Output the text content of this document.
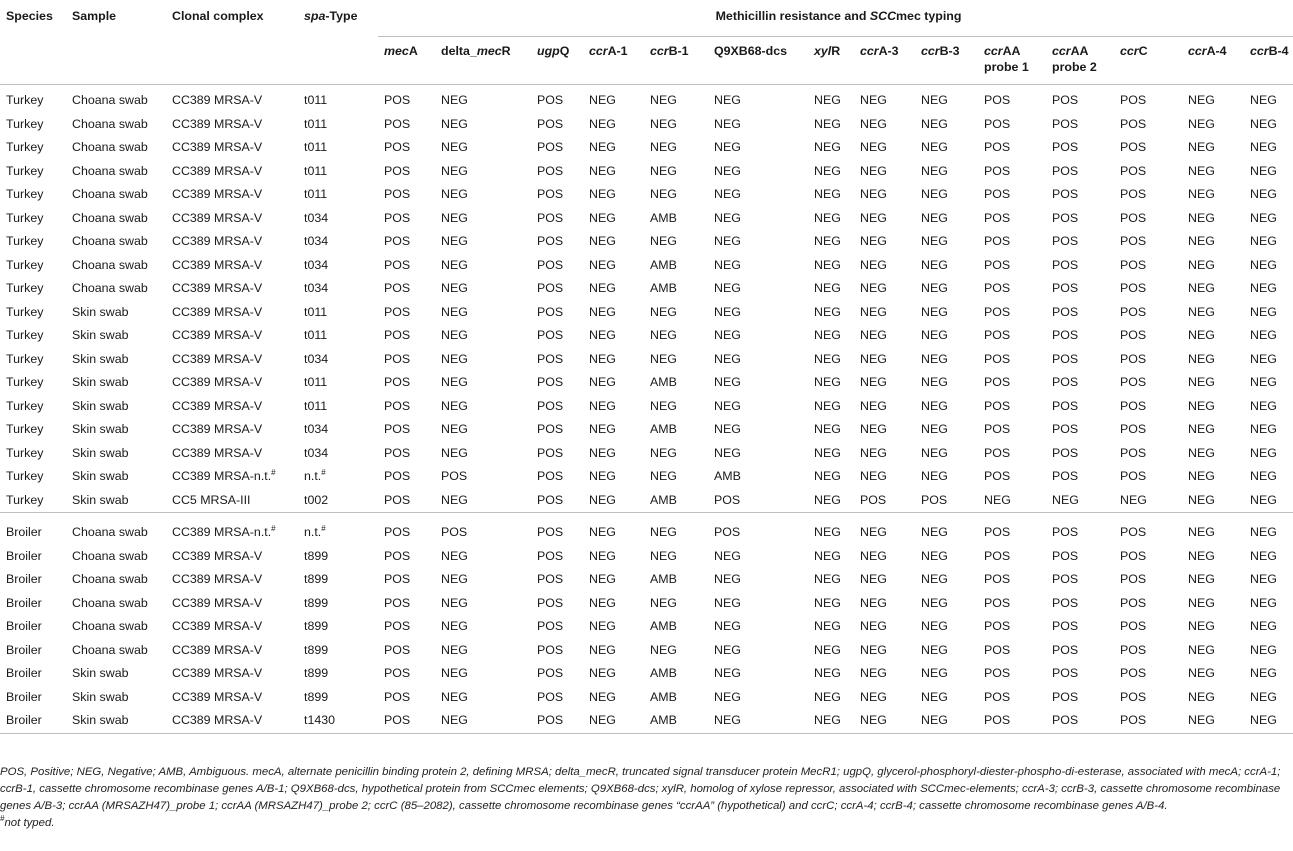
Species	Sample	Clonal complex	spa-Type	Methicillin resistance and SCCmec typing													
				mecA	delta_mecR	ugpQ	ccrA-1	ccrB-1	Q9XB68-dcs	xylR	ccrA-3	ccrB-3	ccrAA
probe 1	ccrAA
probe 2	ccrC	ccrA-4	ccrB-4
Turkey	Choana swab	CC389 MRSA-V	t011	POS	NEG	POS	NEG	NEG	NEG	NEG	NEG	NEG	POS	POS	POS	NEG	NEG
Turkey	Choana swab	CC389 MRSA-V	t011	POS	NEG	POS	NEG	NEG	NEG	NEG	NEG	NEG	POS	POS	POS	NEG	NEG
Turkey	Choana swab	CC389 MRSA-V	t011	POS	NEG	POS	NEG	NEG	NEG	NEG	NEG	NEG	POS	POS	POS	NEG	NEG
Turkey	Choana swab	CC389 MRSA-V	t011	POS	NEG	POS	NEG	NEG	NEG	NEG	NEG	NEG	POS	POS	POS	NEG	NEG
Turkey	Choana swab	CC389 MRSA-V	t011	POS	NEG	POS	NEG	NEG	NEG	NEG	NEG	NEG	POS	POS	POS	NEG	NEG
Turkey	Choana swab	CC389 MRSA-V	t034	POS	NEG	POS	NEG	AMB	NEG	NEG	NEG	NEG	POS	POS	POS	NEG	NEG
Turkey	Choana swab	CC389 MRSA-V	t034	POS	NEG	POS	NEG	NEG	NEG	NEG	NEG	NEG	POS	POS	POS	NEG	NEG
Turkey	Choana swab	CC389 MRSA-V	t034	POS	NEG	POS	NEG	AMB	NEG	NEG	NEG	NEG	POS	POS	POS	NEG	NEG
Turkey	Choana swab	CC389 MRSA-V	t034	POS	NEG	POS	NEG	AMB	NEG	NEG	NEG	NEG	POS	POS	POS	NEG	NEG
Turkey	Skin swab	CC389 MRSA-V	t011	POS	NEG	POS	NEG	NEG	NEG	NEG	NEG	NEG	POS	POS	POS	NEG	NEG
Turkey	Skin swab	CC389 MRSA-V	t011	POS	NEG	POS	NEG	NEG	NEG	NEG	NEG	NEG	POS	POS	POS	NEG	NEG
Turkey	Skin swab	CC389 MRSA-V	t034	POS	NEG	POS	NEG	NEG	NEG	NEG	NEG	NEG	POS	POS	POS	NEG	NEG
Turkey	Skin swab	CC389 MRSA-V	t011	POS	NEG	POS	NEG	AMB	NEG	NEG	NEG	NEG	POS	POS	POS	NEG	NEG
Turkey	Skin swab	CC389 MRSA-V	t011	POS	NEG	POS	NEG	NEG	NEG	NEG	NEG	NEG	POS	POS	POS	NEG	NEG
Turkey	Skin swab	CC389 MRSA-V	t034	POS	NEG	POS	NEG	AMB	NEG	NEG	NEG	NEG	POS	POS	POS	NEG	NEG
Turkey	Skin swab	CC389 MRSA-V	t034	POS	NEG	POS	NEG	NEG	NEG	NEG	NEG	NEG	POS	POS	POS	NEG	NEG
Turkey	Skin swab	CC389 MRSA-n.t.#	n.t.#	POS	POS	POS	NEG	NEG	AMB	NEG	NEG	NEG	POS	POS	POS	NEG	NEG
Turkey	Skin swab	CC5 MRSA-III	t002	POS	NEG	POS	NEG	AMB	POS	NEG	POS	POS	NEG	NEG	NEG	NEG	NEG
Broiler	Choana swab	CC389 MRSA-n.t.#	n.t.#	POS	POS	POS	NEG	NEG	POS	NEG	NEG	NEG	POS	POS	POS	NEG	NEG
Broiler	Choana swab	CC389 MRSA-V	t899	POS	NEG	POS	NEG	NEG	NEG	NEG	NEG	NEG	POS	POS	POS	NEG	NEG
Broiler	Choana swab	CC389 MRSA-V	t899	POS	NEG	POS	NEG	AMB	NEG	NEG	NEG	NEG	POS	POS	POS	NEG	NEG
Broiler	Choana swab	CC389 MRSA-V	t899	POS	NEG	POS	NEG	NEG	NEG	NEG	NEG	NEG	POS	POS	POS	NEG	NEG
Broiler	Choana swab	CC389 MRSA-V	t899	POS	NEG	POS	NEG	AMB	NEG	NEG	NEG	NEG	POS	POS	POS	NEG	NEG
Broiler	Choana swab	CC389 MRSA-V	t899	POS	NEG	POS	NEG	NEG	NEG	NEG	NEG	NEG	POS	POS	POS	NEG	NEG
Broiler	Skin swab	CC389 MRSA-V	t899	POS	NEG	POS	NEG	AMB	NEG	NEG	NEG	NEG	POS	POS	POS	NEG	NEG
Broiler	Skin swab	CC389 MRSA-V	t899	POS	NEG	POS	NEG	AMB	NEG	NEG	NEG	NEG	POS	POS	POS	NEG	NEG
Broiler	Skin swab	CC389 MRSA-V	t1430	POS	NEG	POS	NEG	AMB	NEG	NEG	NEG	NEG	POS	POS	POS	NEG	NEG

POS, Positive; NEG, Negative; AMB, Ambiguous. mecA, alternate penicillin binding protein 2, defining MRSA; delta_mecR, truncated signal transducer protein MecR1; ugpQ, glycerol-phosphoryl-diester-phospho-di-esterase, associated with mecA; ccrA-1; ccrB-1, cassette chromosome recombinase genes A/B-1; Q9XB68-dcs, hypothetical protein from SCCmec elements; Q9XB68-dcs; xylR, homolog of xylose repressor, associated with SCCmec-elements; ccrA-3; ccrB-3, cassette chromosome recombinase genes A/B-3; ccrAA (MRSAZH47)_probe 1; ccrAA (MRSAZH47)_probe 2; ccrC (85–2082), cassette chromosome recombinase genes “ccrAA” (hypothetical) and ccrC; ccrA-4; ccrB-4; cassette chromosome recombinase genes A/B-4.

#not typed.
